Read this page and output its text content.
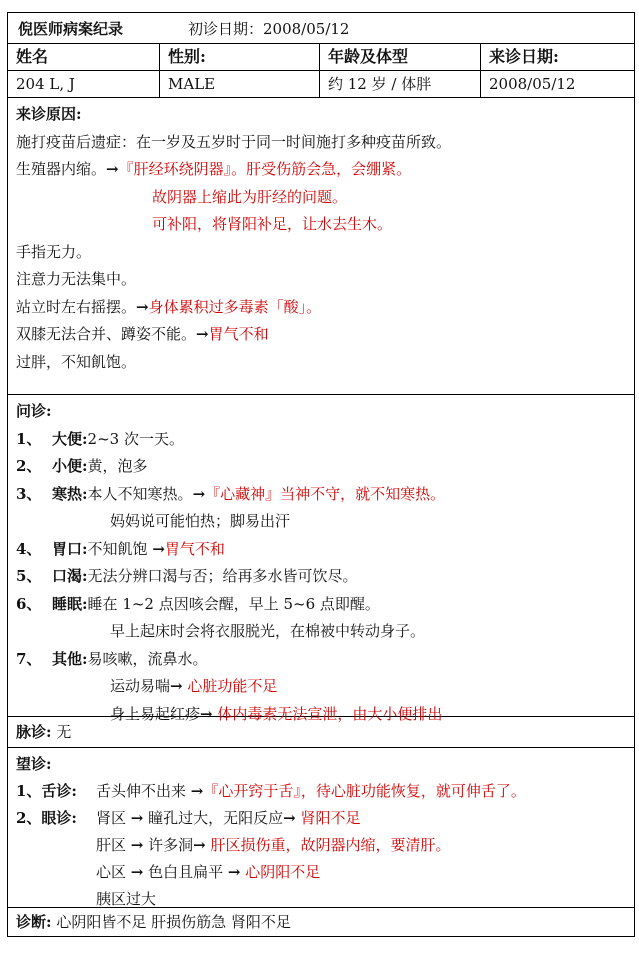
倪医师病案纪录	初诊日期：2008/05/12
姓名	性别:	年龄及体型	来诊日期:
204 L, J	MALE	约 12 岁 / 体胖	2008/05/12
来诊原因:
施打疫苗后遗症：在一岁及五岁时于同一时间施打多种疫苗所致。
生殖器内缩。→『肝经环绕阴器』。肝受伤筋会急，会绷紧。
故阴器上缩此为肝经的问题。
可补阳，将肾阳补足，让水去生木。
手指无力。
注意力无法集中。
站立时左右摇摆。→身体累积过多毒素「酸」。
双膝无法合并、蹲姿不能。→胃气不和
过胖，不知飢饱。
问诊:
1、 大便:2~3 次一天。
2、 小便:黄，泡多
3、 寒热:本人不知寒热。→『心藏神』当神不守，就不知寒热。
妈妈说可能怕热；脚易出汗
4、 胃口:不知飢饱 →胃气不和
5、 口渴:无法分辨口渴与否；给再多水皆可饮尽。
6、 睡眠:睡在 1~2 点因咳会醒，早上 5~6 点即醒。
早上起床时会将衣服脱光，在棉被中转动身子。
7、 其他:易咳嗽，流鼻水。
运动易喘→ 心脏功能不足
身上易起红疹→ 体内毒素无法宣泄，由大小便排出
脉诊: 无
望诊:
1、舌诊: 舌头伸不出来 →『心开窍于舌』，待心脏功能恢复，就可伸舌了。
2、眼诊: 肾区 → 瞳孔过大，无阳反应→ 肾阳不足
肝区 → 许多洞→ 肝区损伤重，故阴器内缩，要清肝。
心区 → 色白且扁平 → 心阴阳不足
胰区过大
诊断: 心阴阳皆不足 肝损伤筋急 肾阳不足
